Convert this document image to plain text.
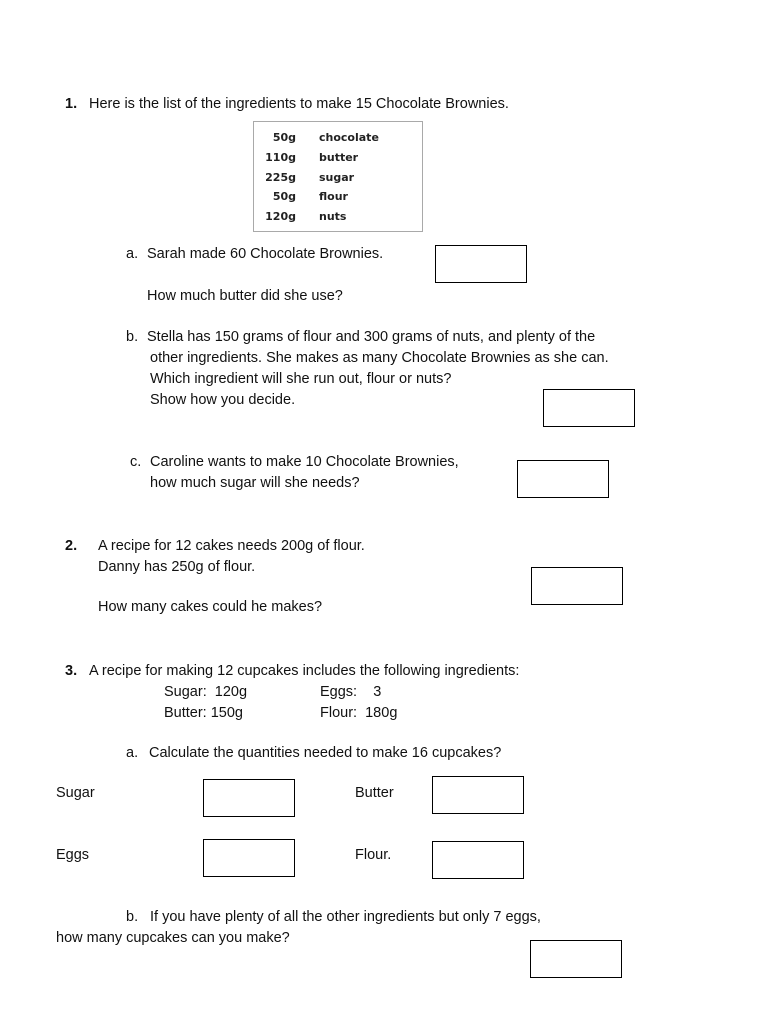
1. Here is the list of the ingredients to make 15 Chocolate Brownies.
50g chocolate
110g butter
225g sugar
50g flour
120g nuts
a. Sarah made 60 Chocolate Brownies.
How much butter did she use?
b. Stella has 150 grams of flour and 300 grams of nuts, and plenty of the
other ingredients. She makes as many Chocolate Brownies as she can.
Which ingredient will she run out, flour or nuts?
Show how you decide.
c. Caroline wants to make 10 Chocolate Brownies,
how much sugar will she needs?
2. A recipe for 12 cakes needs 200g of flour.
Danny has 250g of flour.
How many cakes could he makes?
3. A recipe for making 12 cupcakes includes the following ingredients:
Sugar:  120g	Eggs:    3
Butter: 150g	Flour:  180g
a. Calculate the quantities needed to make 16 cupcakes?
Sugar	Butter
Eggs	Flour.
b. If you have plenty of all the other ingredients but only 7 eggs,
how many cupcakes can you make?
